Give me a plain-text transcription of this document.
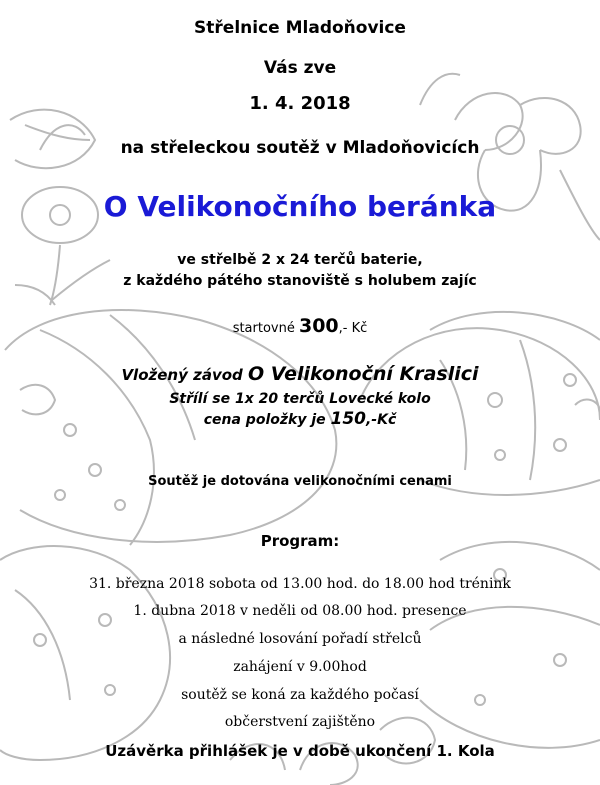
Střelnice Mladoňovice
Vás zve
1. 4. 2018
na střeleckou soutěž v Mladoňovicích
O Velikonočního beránka
ve střelbě 2 x 24 terčů baterie,
z každého pátého stanoviště s holubem zajíc
startovné 300,- Kč
Vložený závod O Velikonoční Kraslici
Střílí se 1x 20 terčů Lovecké kolo
cena položky je 150,-Kč
Soutěž je dotována velikonočními cenami
Program:
31. března 2018 sobota od 13.00 hod. do 18.00 hod trénink
1. dubna 2018 v neděli od 08.00 hod. presence
a následné losování pořadí střelců
zahájení v 9.00hod
soutěž se koná za každého počasí
občerstvení zajištěno
Uzávěrka přihlášek je v době ukončení 1. Kola
